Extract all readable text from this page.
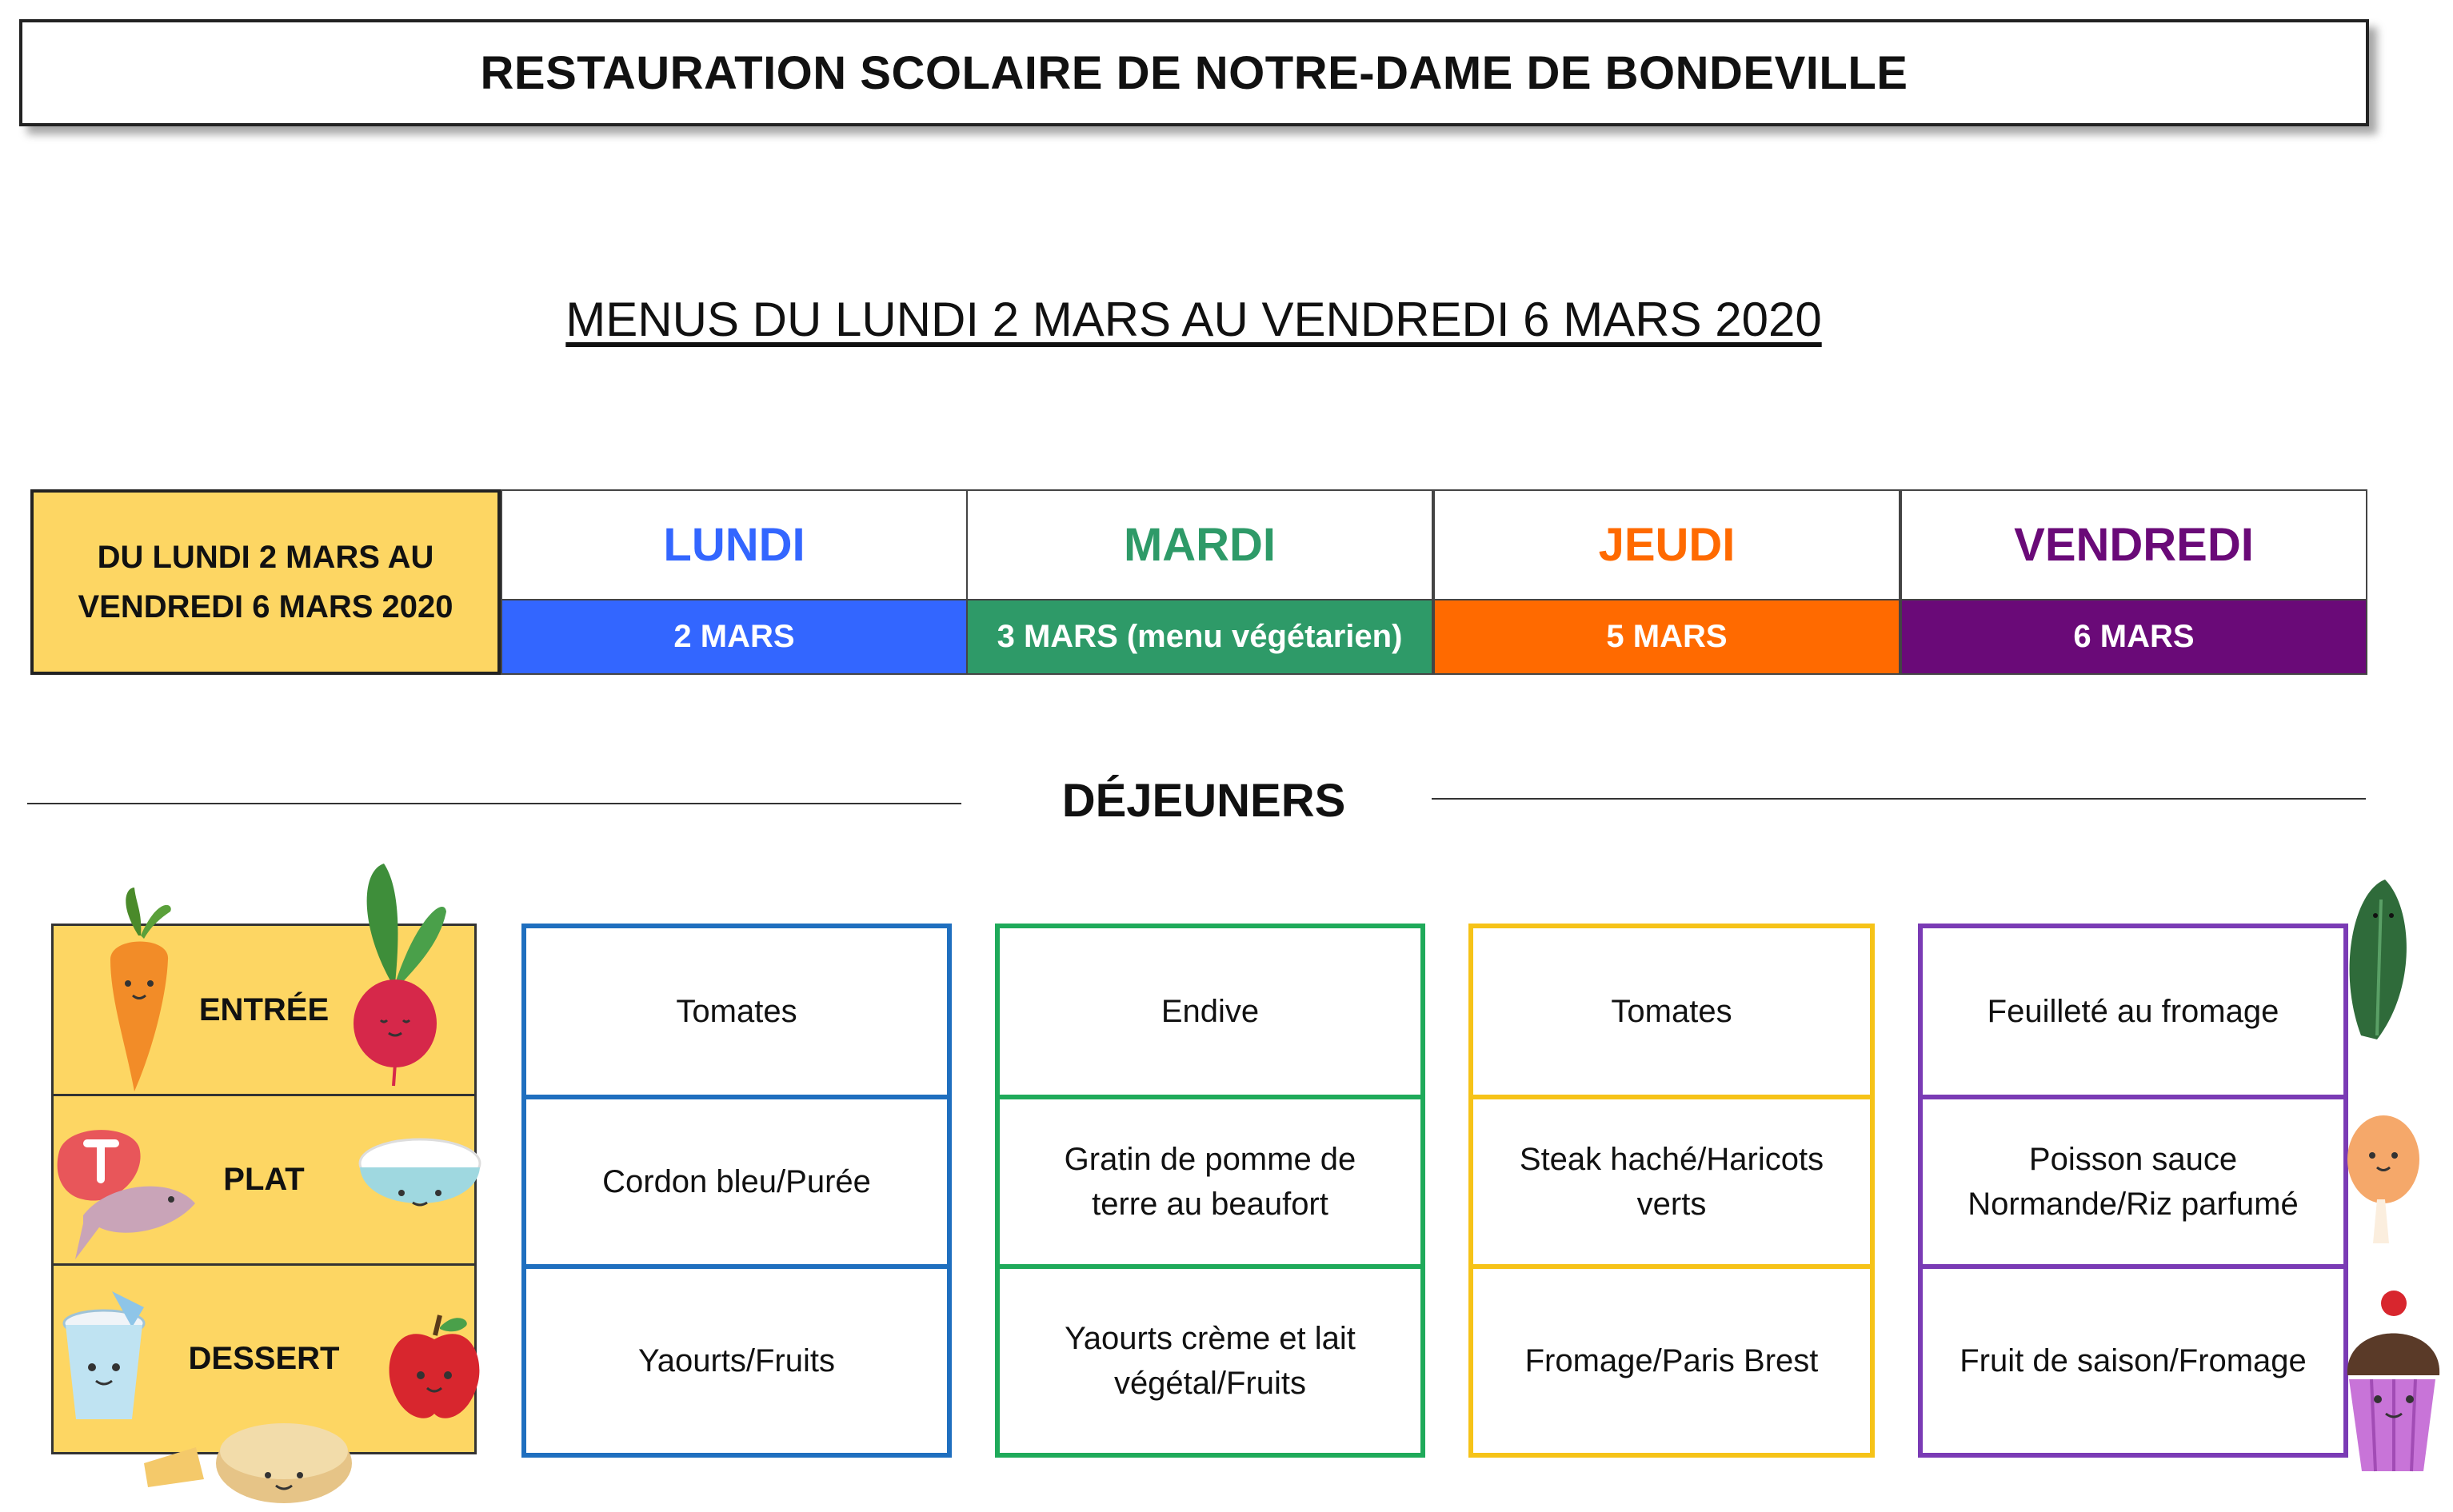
RESTAURATION SCOLAIRE DE NOTRE-DAME DE BONDEVILLE
MENUS DU LUNDI 2 MARS AU VENDREDI 6 MARS 2020
DU LUNDI 2 MARS AU
VENDREDI 6 MARS 2020
LUNDI
2 MARS
MARDI
3 MARS (menu végétarien)
JEUDI
5 MARS
VENDREDI
6 MARS
DÉJEUNERS
ENTRÉE
PLAT
DESSERT
Tomates
Cordon bleu/Purée
Yaourts/Fruits
Endive
Gratin de pomme de terre au beaufort
Yaourts crème et lait végétal/Fruits
Tomates
Steak haché/Haricots verts
Fromage/Paris Brest
Feuilleté au fromage
Poisson sauce Normande/Riz parfumé
Fruit de saison/Fromage
